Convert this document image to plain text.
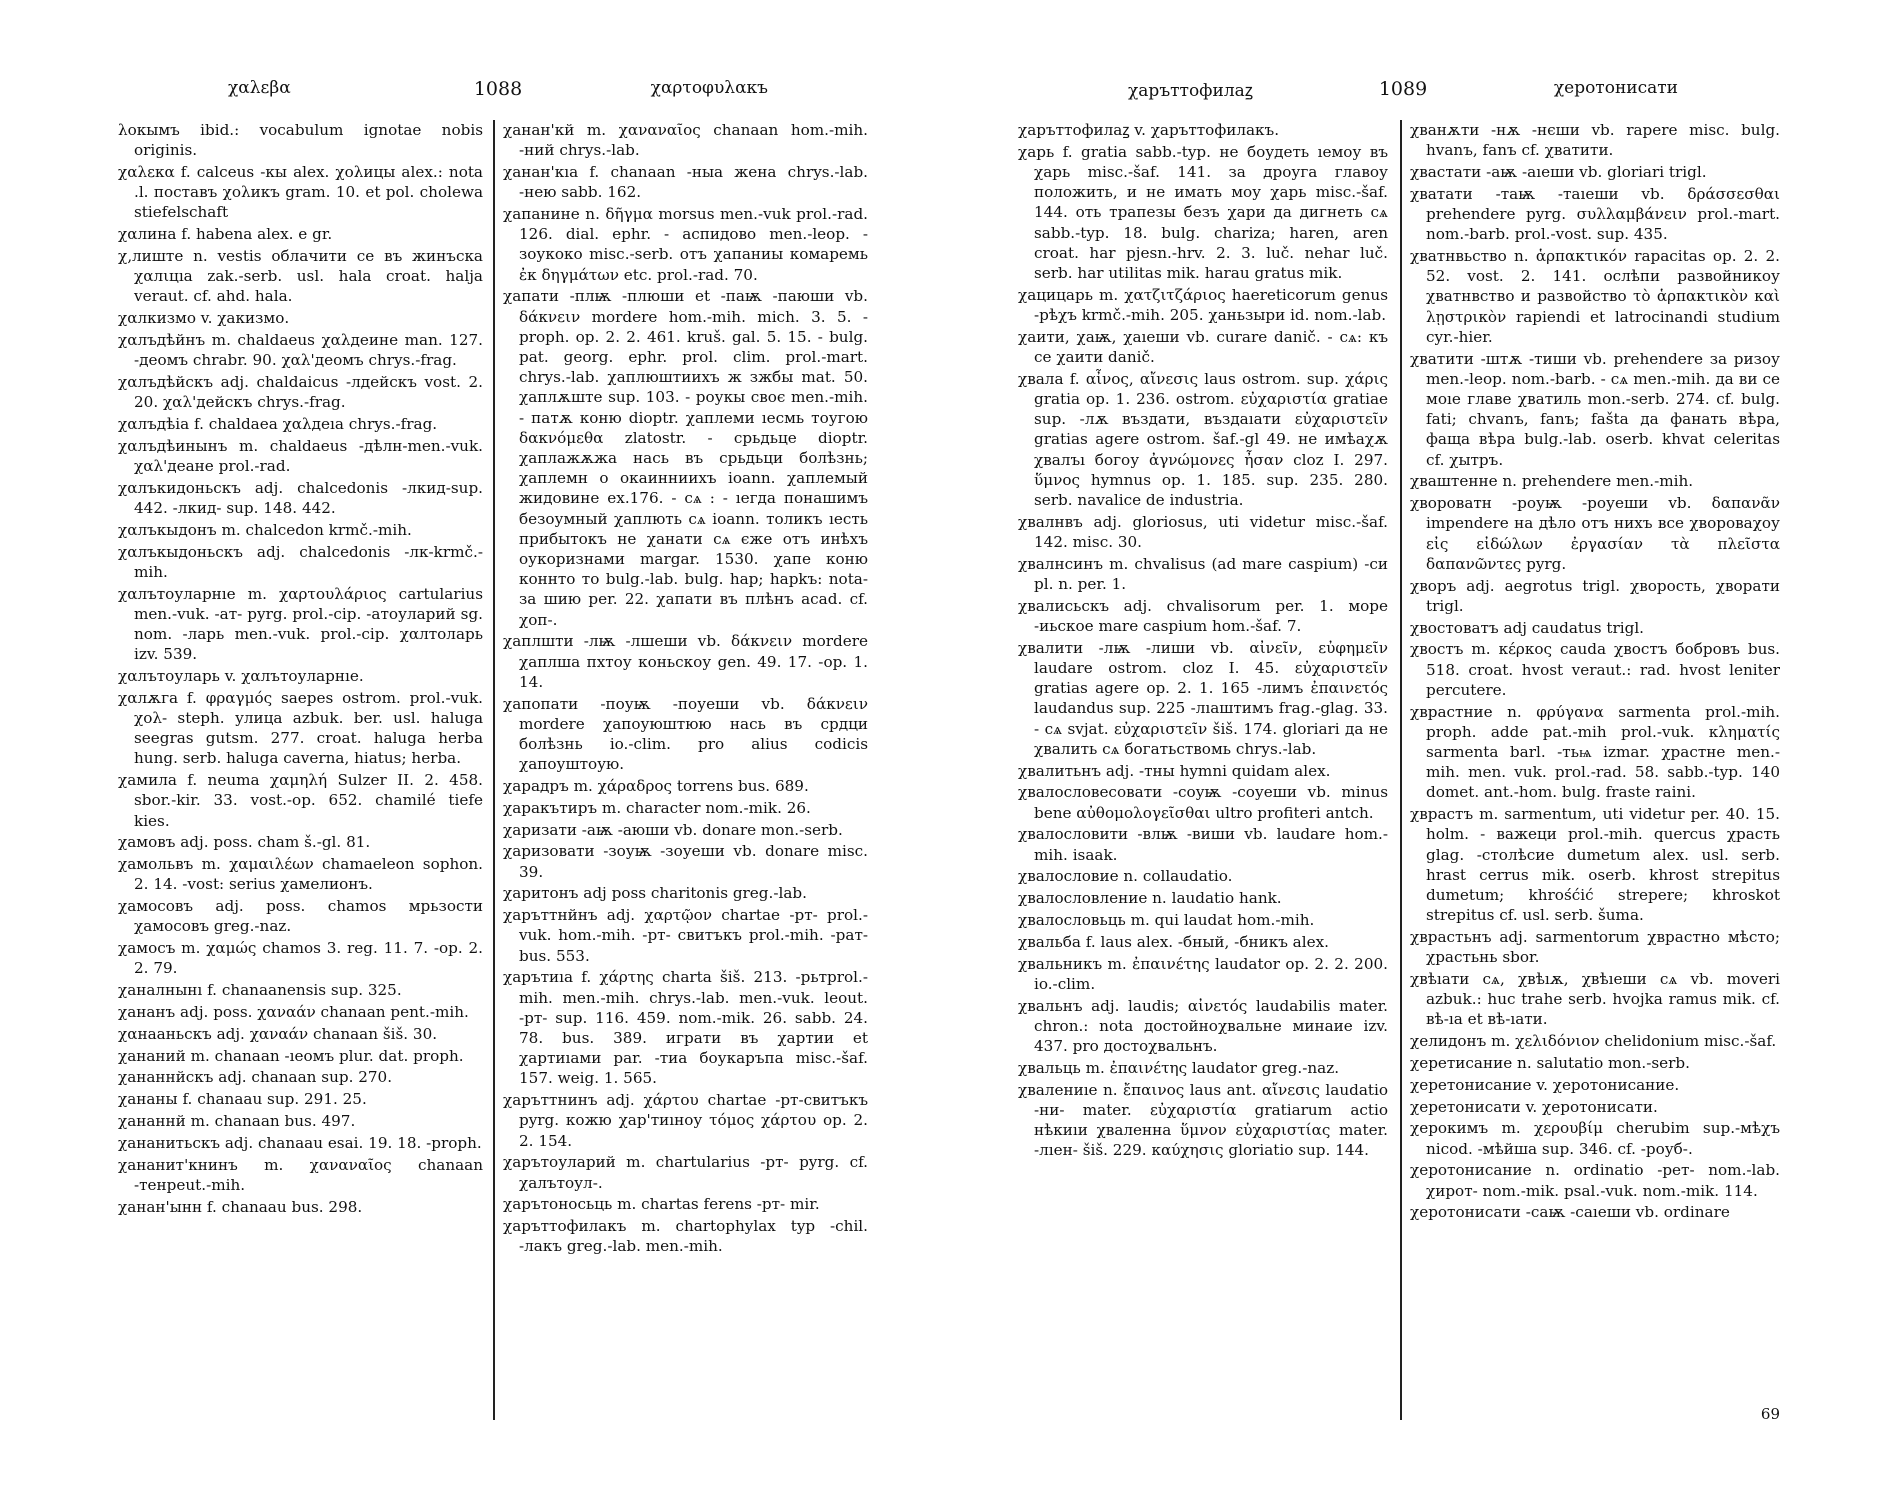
χαλεβα	1088	χαρτοφυλακъ

λοκымъ ibid.: vocabulum ignotae nobis originis.

χαλεκα f. calceus -кы alex. χολицы alex.: nota .l. поставъ χολикъ gram. 10. et pol. cholewa stiefelschaft

χαлина f. habena alex. e gr.

χ‚лиште n. vestis облачити се въ жинъска χαлιцıа zak.-serb. usl. hala croat. halja veraut. cf. ahd. hala.

χαлкизмо v. χакизмо.

χαлъдѣйнъ m. chaldaeus χαλдеине man. 127. -деомъ chrabr. 90. χαλ'деомъ chrys.-frag.

χαлъдѣйскъ adj. chaldaicus -лдейскъ vost. 2. 20. χαλ'дейскъ chrys.-frag.

χαлъдѣіа f. chaldaea χαλдеıа chrys.-frag.

χαлъдѣинынъ m. chaldaeus -дѣлн-men.-vuk. χαλ'деане prol.-rad.

χαлъкидоньскъ adj. chalcedonis -лкид-sup. 442. -лкид- sup. 148. 442.

χαлъкыдонъ m. chalcedon krmč.-mih.

χαлъкыдоньскъ adj. chalcedonis -лк-krmč.-mih.

χαлътоуларнıе m. χαρτουλάριος cartularius men.-vuk. -ат- pyrg. prol.-cip. -атоуларий sg. nom. -ларь men.-vuk. prol.-cip. χαлтоларь izv. 539.

χαлътоуларь v. χαлътоуларнıе.

χαлѫга f. φραγμός saepes ostrom. prol.-vuk. χολ- steph. улица azbuk. ber. usl. haluga seegras gutsm. 277. croat. haluga herba hung. serb. haluga caverna, hiatus; herba.

χамила f. neuma χαμηλή Sulzer II. 2. 458. sbor.-kir. 33. vost.-op. 652. chamilé tiefe kies.

χамовъ adj. poss. cham š.-gl. 81.

χамольвъ m. χαμαιλέων chamaeleon sophon. 2. 14. -vost: serius χамелионъ.

χамосовъ adj. poss. chamos мрьзости χамосовъ greg.-naz.

χамосъ m. χαμώς chamos 3. reg. 11. 7. -op. 2. 2. 79.

χаналнынı f. chanaanensis sup. 325.

χананъ adj. poss. χαναάν chanaan pent.-mih.

χαнааньскъ adj. χαναάν chanaan šiš. 30.

χананий m. chanaan -ıеомъ plur. dat. proph.

χананнйскъ adj. chanaan sup. 270.

χананы f. chanaau sup. 291. 25.

χананнй m. chanaan bus. 497.

χананитьскъ adj. chanaau esai. 19. 18. -proph.

χананит'книнъ m. χαναναῖος chanaan -тенpeut.-mih.

χанан'ынн f. chanaau bus. 298.

χанан'кй m. χαναναῖος chanaan hom.-mih. -ний chrys.-lab.

χанан'кıа f. chanaan -ныа жена chrys.-lab. -нею sabb. 162.

χапанине n. δῆγμα morsus men.-vuk prol.-rad. 126. dial. ephr. - аспидово men.-leop. - зоукоко misc.-serb. отъ χапаниы комаремь ἐκ δηγμάτων etc. prol.-rad. 70.

χапати -плѭ -плюши et -паѭ -паюши vb. δάκνειν mordere hom.-mih. mich. 3. 5. -proph. op. 2. 2. 461. kruš. gal. 5. 15. - bulg. pat. georg. ephr. prol. clim. prol.-mart. chrys.-lab. χаплюштиихъ ж зжбы mat. 50. χаплѫште sup. 103. - роукы своє men.-mih. - патѫ коню dioptr. χаплеми ıесмь тоугою δακνόμεθα zlatostr. - срьдьце dioptr. χаплажѫжа нась въ срьдьци болѣзнь; χаплемн о окаинниихъ ioann. χаплемый жидовине ex.176. - сѧ : - ıегда понашимъ безоумный χаплють сѧ ioann. толикъ ıесть прибытокъ не χанати сѧ єже отъ инѣхъ оукоризнами margar. 1530. χапе коню коннто то bulg.-lab. bulg. hap; hapkъ: nota-за шию per. 22. χапати въ плѣнъ acad. cf. χоп-.

χаплшти -лѭ -лшеши vb. δάκνειν mordere χаплша пхтоу коньскоу gen. 49. 17. -op. 1. 14.

χапопати -поуѭ -поуеши vb. δάκνειν mordere χапоуюштюю нась въ срдци болѣзнь io.-clim. pro alius codicis χапоуштоую.

χарадръ m. χάραδρος torrens bus. 689.

χаракътиръ m. character nom.-mik. 26.

χаризати -аѭ -аюши vb. donare mon.-serb.

χаризовати -зоуѭ -зоуеши vb. donare misc. 39.

χаритонъ adj poss charitonis greg.-lab.

χаръттнйнъ adj. χαρτῷον chartae -рт- prol.-vuk. hom.-mih. -рт- свитъкъ prol.-mih. -рат- bus. 553.

χарътиıа f. χάρτης charta šiš. 213. -рьтprol.-mih. men.-mih. chrys.-lab. men.-vuk. leout. -рт- sup. 116. 459. nom.-mik. 26. sabb. 24. 78. bus. 389. играти въ χартии et χартиıами par. -тиа боукаръпа misc.-šaf. 157. weig. 1. 565.

χаръттнинъ adj. χάρτου chartae -рт-свитъкъ pyrg. кожю χар'тиıноу τόμος χάρτου op. 2. 2. 154.

χарътоуларий m. chartularius -рт- pyrg. cf. χалътоул-.

χарътоносьць m. chartas ferens -рт- mir.

χаръттофилакъ m. chartophylax typ -chil. -лакъ greg.-lab. men.-mih.

χаръттофилаꙁ	1089	χеротонисати

χаръттофилаꙁ v. χаръттофилакъ.

χарь f. gratia sabb.-typ. не боудеть ıемоу въ χарь misc.-šaf. 141. за дроуга главоу положить, и не имать моу χарь misc.-šaf. 144. оть трапезы безъ χари да дигнеть сѧ sabb.-typ. 18. bulg. chariza; haren, aren croat. har pjesn.-hrv. 2. 3. luč. nehar luč. serb. har utilitas mik. harau gratus mik.

χацицарь m. χατζιτζάριος haereticorum genus -рѣχъ krmč.-mih. 205. χаньзыри id. nom.-lab.

χаити, χаѭ, χаıеши vb. curare danič. - сѧ: къ се χаити danič.

χвала f. αἶνος, αἴνεσις laus ostrom. sup. χάρις gratia op. 1. 236. ostrom. εὐχαριστία gratiae sup. -лѫ въздати, въздаıати εὐχαριστεῖν gratias agere ostrom. šaf.-gl 49. не имѣаχѫ χвалъı богоу ἀγνώμονες ἦσαν cloz I. 297. ὕμνος hymnus op. 1. 185. sup. 235. 280. serb. navalice de industria.

χвалнвъ adj. gloriosus, uti videtur misc.-šaf. 142. misc. 30.

χвалнсинъ m. chvalisus (ad mare caspium) -си pl. n. per. 1.

χвалисьскъ adj. chvalisorum per. 1. море -иьское mare caspium hom.-šaf. 7.

χвалити -лѭ -лиши vb. αἰνεῖν, εὐφημεῖν laudare ostrom. cloz I. 45. εὐχαριστεῖν gratias agere op. 2. 1. 165 -лимъ ἐπαινετός laudandus sup. 225 -лıаштимъ frag.-glag. 33. - сѧ svjat. εὐχαριστεῖν šiš. 174. gloriari да не χвалить сѧ богатьствомь chrys.-lab.

χвалитьнъ adj. -тны hymni quidam alex.

χвалословесовати -соуѭ -соуеши vb. minus bene αὐθομολογεῖσθαι ultro profiteri antch.

χвалословити -влѭ -виши vb. laudare hom.-mih. isaak.

χвалословие n. collaudatio.

χвалословление n. laudatio hank.

χвалословьць m. qui laudat hom.-mih.

χвальба f. laus alex. -бный, -бникъ alex.

χвальникъ m. ἐπαινέτης laudator op. 2. 2. 200. io.-clim.

χвальнъ adj. laudis; αἰνετός laudabilis mater. chron.: nota достойноχвальне минаие izv. 437. pro достоχвальнъ.

χвальць m. ἐπαινέτης laudator greg.-naz.

χвалениıе n. ἔπαινος laus ant. αἴνεσις laudatio -ни- mater. εὐχαριστία gratiarum actio нѣкиıи χваленна ὕμνον εὐχαριστίας mater. -лıен- šiš. 229. καύχησις gloriatio sup. 144.

χванѫти -нѫ -нєши vb. rapere misc. bulg. hvanъ, fanъ cf. χватити.

χвастати -аѭ -аıеши vb. gloriari trigl.

χватати -таѭ -таıеши vb. δράσσεσθαι prehendere pyrg. συλλαμβάνειν prol.-mart. nom.-barb. prol.-vost. sup. 435.

χватнвьство n. ἁρπακτικόν rapacitas op. 2. 2. 52. vost. 2. 141. ослѣпи развойникоу χватнвство и развойство τὸ ἁρπακτικὸν καὶ λῃστρικὸν rapiendi et latrocinandi studium cyr.-hier.

χватити -штѫ -тиши vb. prehendere за ризоу men.-leop. nom.-barb. - сѧ men.-mih. да ви се моıе главе χватиль mon.-serb. 274. cf. bulg. fati; chvanъ, fanъ; fašta да фанать вѣра, фаща вѣра bulg.-lab. oserb. khvat celeritas cf. χытръ.

χваштенне n. prehendere men.-mih.

χвороватн -роуѭ -роуеши vb. δαπανᾶν impendere на дѣло отъ нихъ все χвороваχоу εἰς εἰδώλων ἐργασίαν τὰ πλεῖστα δαπανῶντες pyrg.

χворъ adj. aegrotus trigl. χворость, χворати trigl.

χвостоватъ adj caudatus trigl.

χвостъ m. κέρκος cauda χвостъ бобровъ bus. 518. croat. hvost veraut.: rad. hvost leniter percutere.

χврастние n. φρύγανα sarmenta prol.-mih. proph. adde pat.-mih prol.-vuk. κληματίς sarmenta barl. -тьѩ izmar. χрастне men.-mih. men. vuk. prol.-rad. 58. sabb.-typ. 140 domet. ant.-hom. bulg. fraste raini.

χврастъ m. sarmentum, uti videtur per. 40. 15. holm. - важеци prol.-mih. quercus χрасть glag. -столѣсие dumetum alex. usl. serb. hrast cerrus mik. oserb. khrost strepitus dumetum; khrośćić strepere; khroskot strepitus cf. usl. serb. šuma.

χврастьнъ adj. sarmentorum χврастно мѣсто; χрастьнь sbor.

χвѣıати сѧ, χвѣıѫ, χвѣıеши сѧ vb. moveri azbuk.: huc trahe serb. hvojka ramus mik. cf. вѣ-ıа et вѣ-ıати.

χелидонъ m. χελιδόνιον chelidonium misc.-šaf.

χеретисание n. salutatio mon.-serb.

χеретонисание v. χеротонисание.

χеретонисати v. χеротонисати.

χерокимъ m. χερουβίμ cherubim sup.-мѣχъ nicod. -мѣйша sup. 346. cf. -роуб-.

χеротонисание n. ordinatio -рет- nom.-lab. χирот- nom.-mik. psal.-vuk. nom.-mik. 114.

χеротонисати -саѭ -саıеши vb. ordinare

69
